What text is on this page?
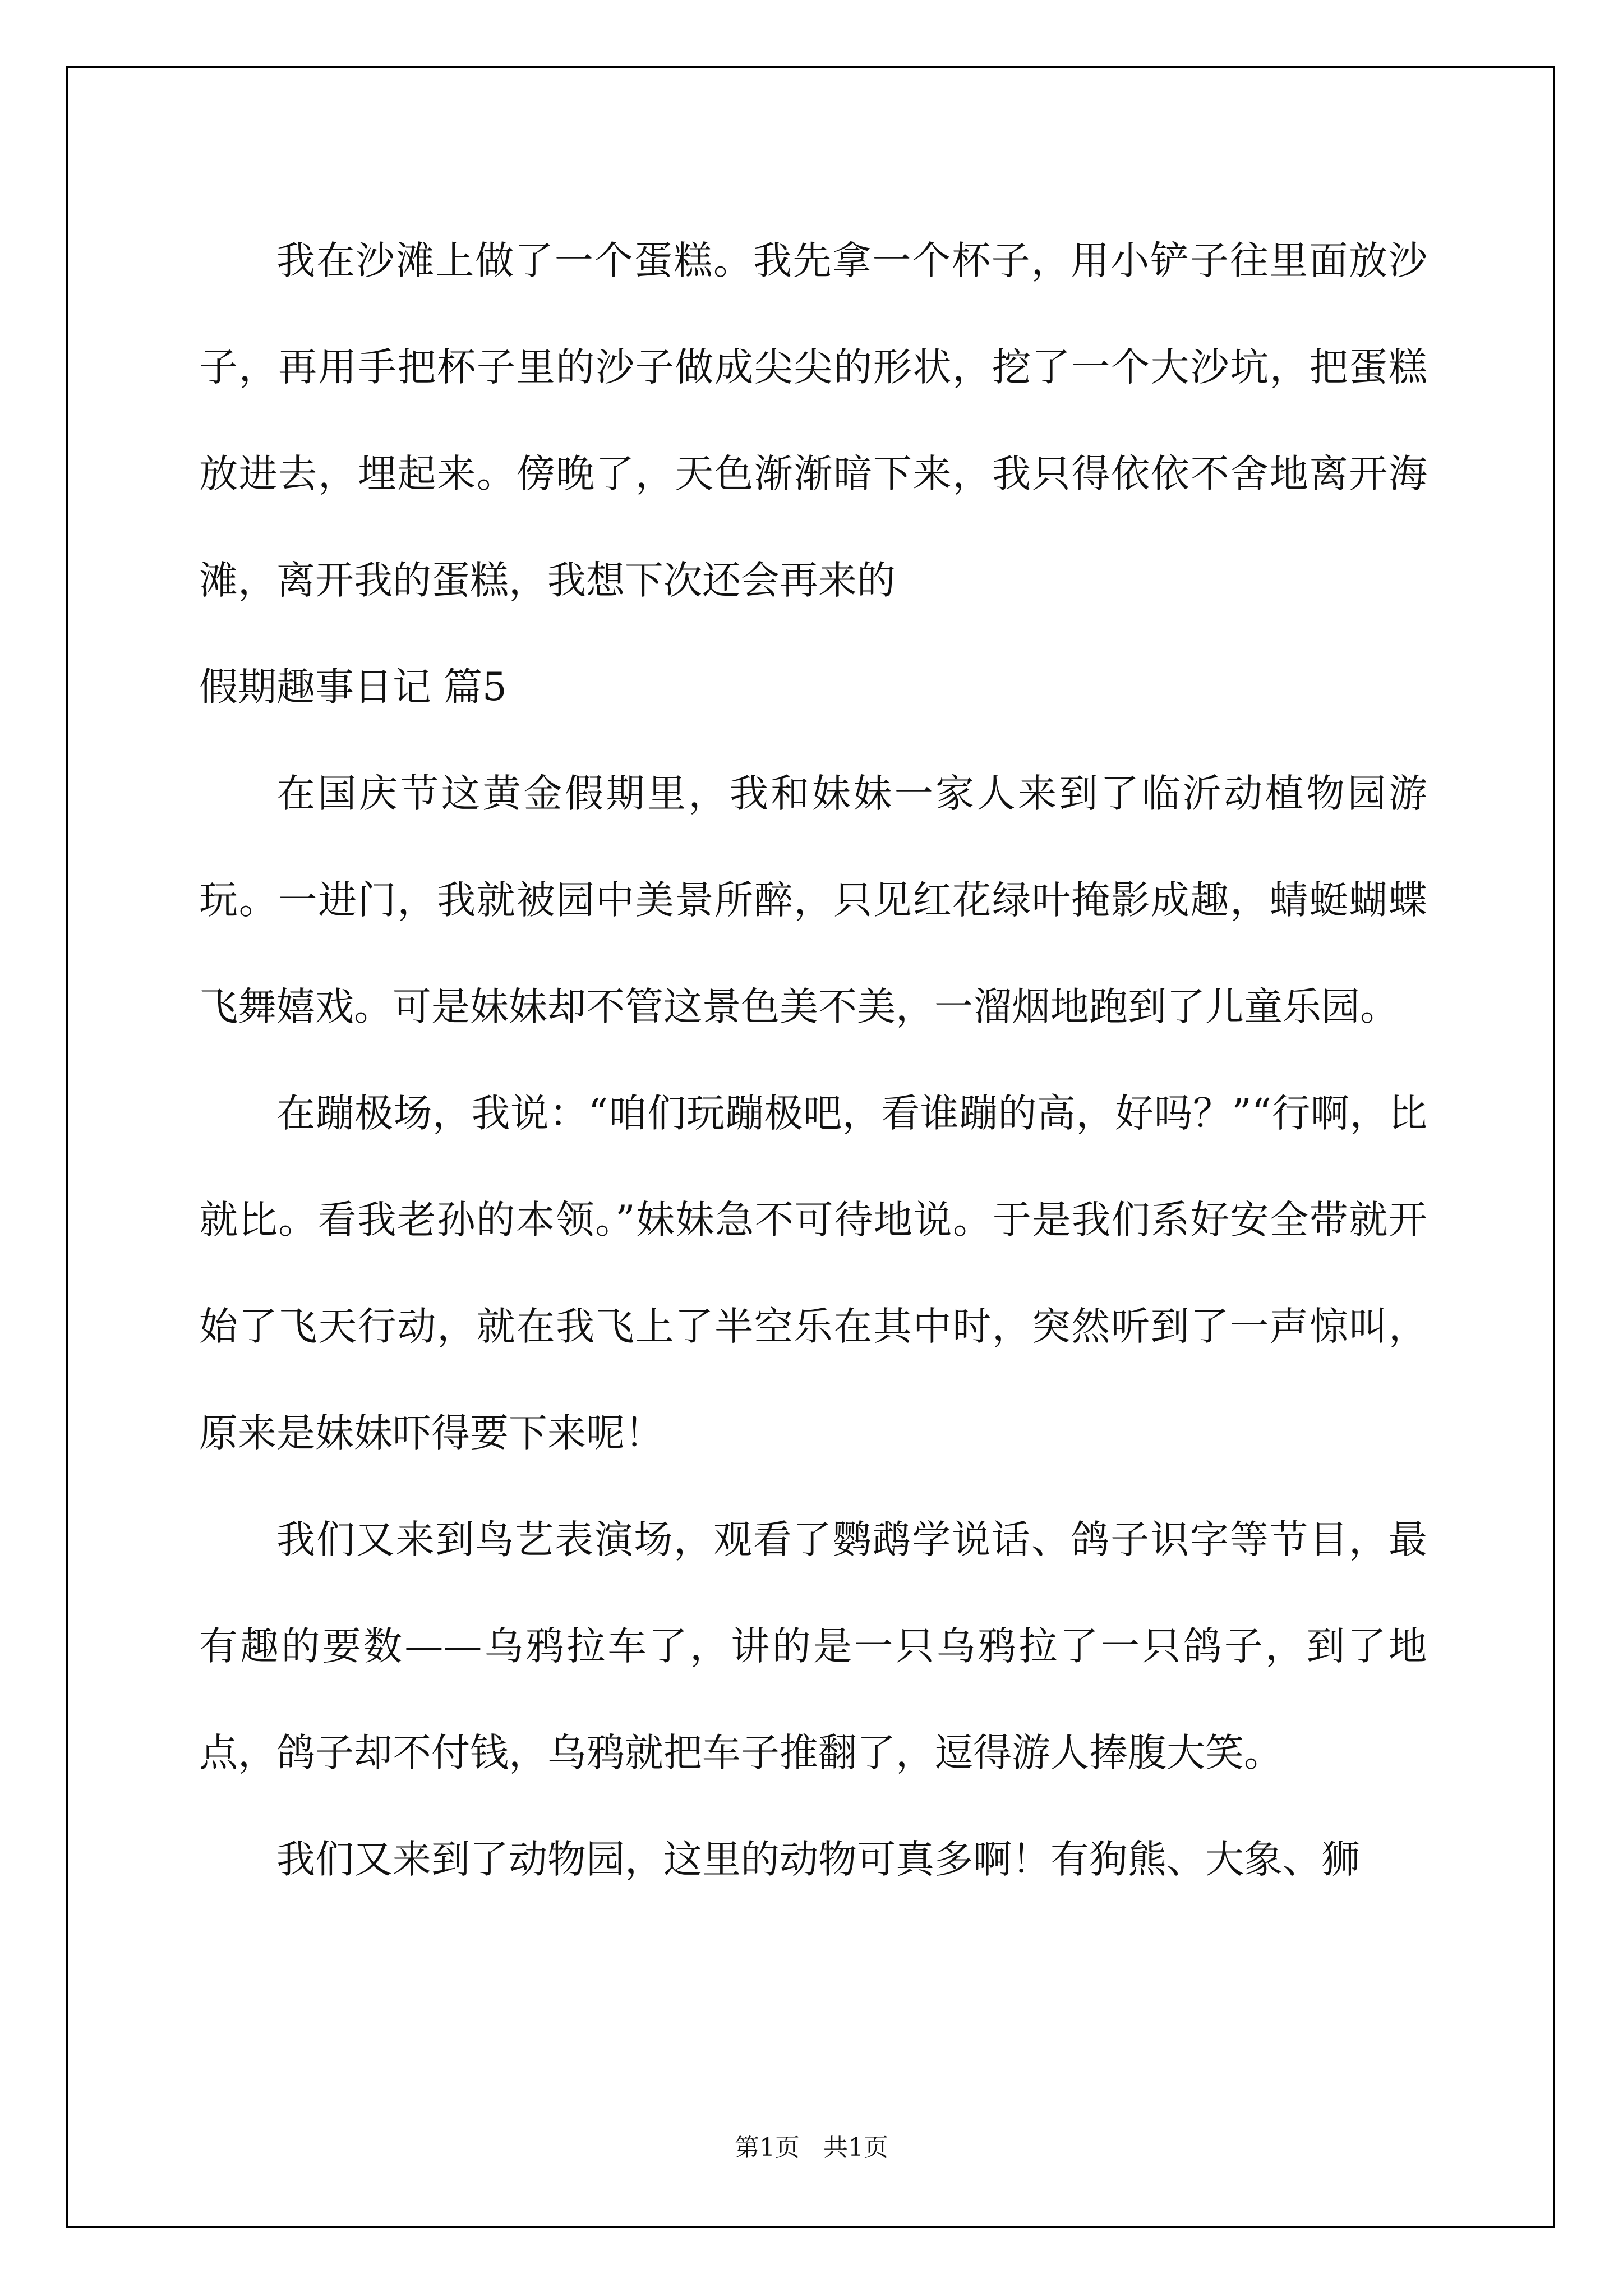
我在沙滩上做了一个蛋糕。我先拿一个杯子，用小铲子往里面放沙子，再用手把杯子里的沙子做成尖尖的形状，挖了一个大沙坑，把蛋糕放进去，埋起来。傍晚了，天色渐渐暗下来，我只得依依不舍地离开海滩，离开我的蛋糕，我想下次还会再来的

假期趣事日记 篇5

在国庆节这黄金假期里，我和妹妹一家人来到了临沂动植物园游玩。一进门，我就被园中美景所醉，只见红花绿叶掩影成趣，蜻蜓蝴蝶飞舞嬉戏。可是妹妹却不管这景色美不美，一溜烟地跑到了儿童乐园。

在蹦极场，我说：“咱们玩蹦极吧，看谁蹦的高，好吗？”“行啊，比就比。看我老孙的本领。”妹妹急不可待地说。于是我们系好安全带就开始了飞天行动，就在我飞上了半空乐在其中时，突然听到了一声惊叫，原来是妹妹吓得要下来呢！

我们又来到鸟艺表演场，观看了鹦鹉学说话、鸽子识字等节目，最有趣的要数——乌鸦拉车了，讲的是一只乌鸦拉了一只鸽子，到了地点，鸽子却不付钱，乌鸦就把车子推翻了，逗得游人捧腹大笑。

我们又来到了动物园，这里的动物可真多啊！有狗熊、大象、狮

第1页   共1页
